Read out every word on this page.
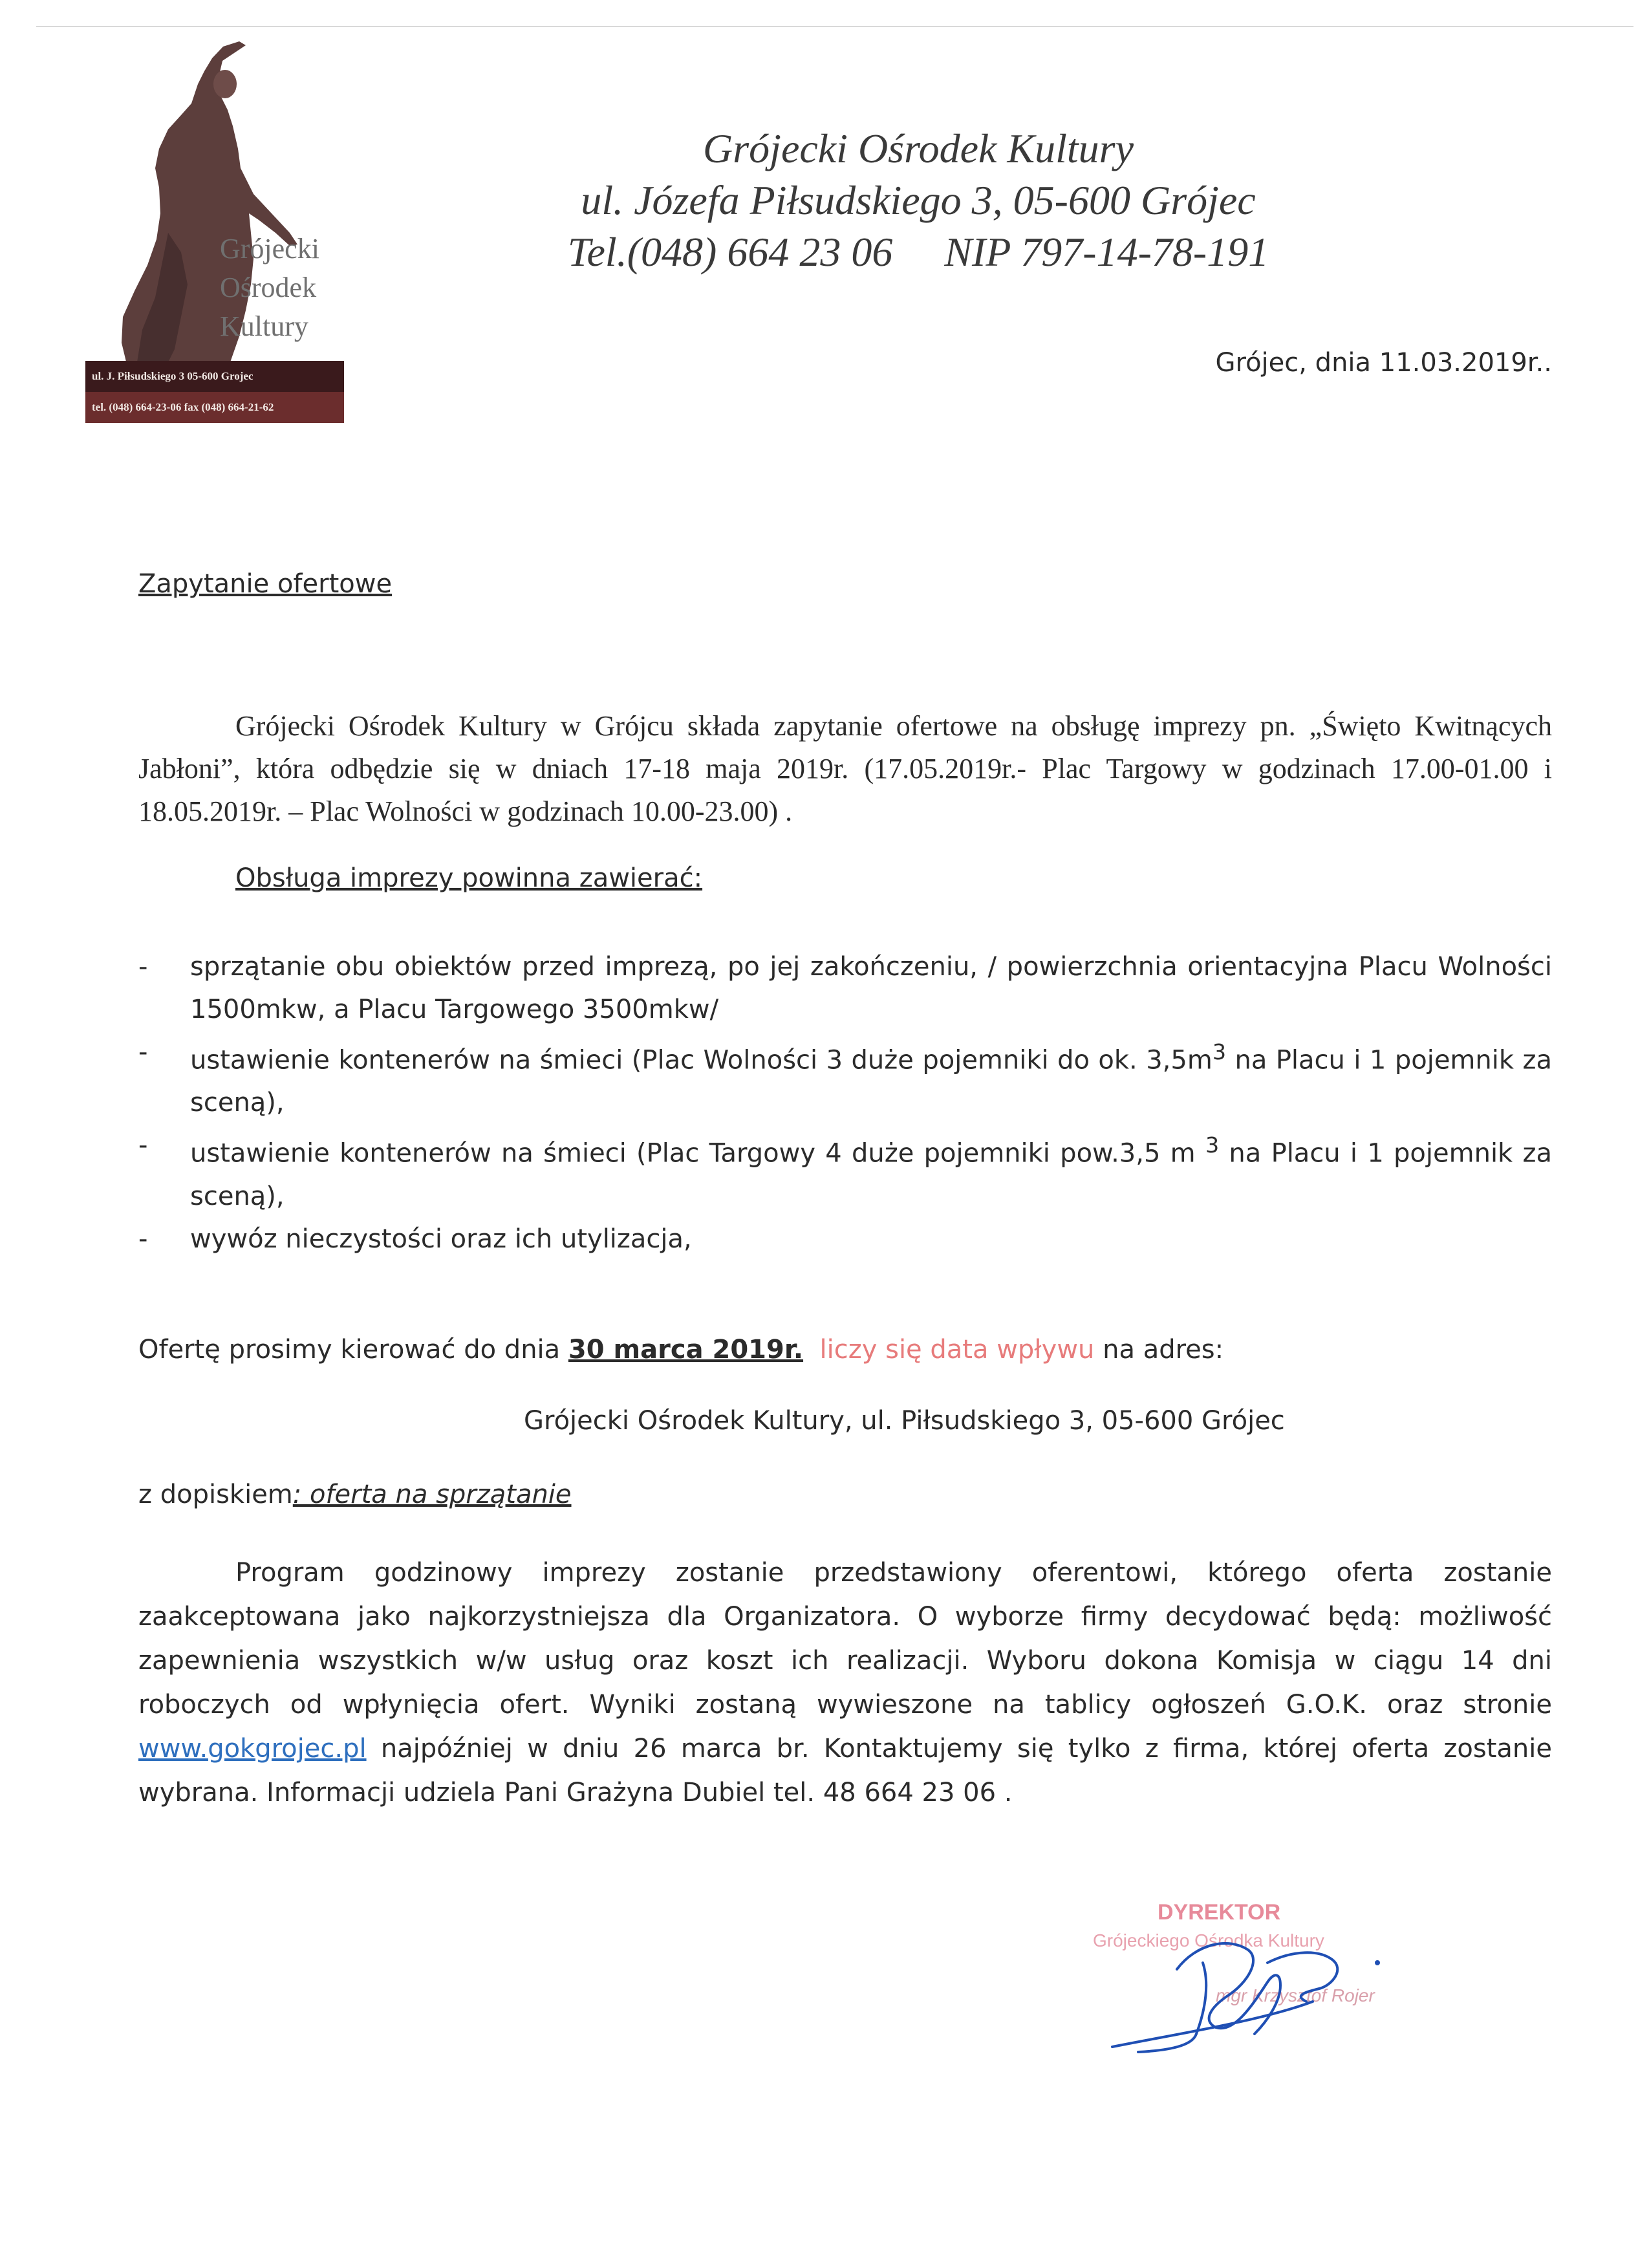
Grójecki
Ośrodek
Kultury
ul. J. Piłsudskiego 3 05-600 Grojec
tel. (048) 664-23-06 fax (048) 664-21-62
Grójecki Ośrodek Kultury
ul. Józefa Piłsudskiego 3, 05-600 Grójec
Tel.(048) 664 23 06     NIP 797-14-78-191
Grójec, dnia 11.03.2019r..
Zapytanie ofertowe
Grójecki Ośrodek Kultury w Grójcu składa zapytanie ofertowe na obsługę imprezy pn. „Święto Kwitnących Jabłoni”, która odbędzie się w dniach 17-18 maja 2019r. (17.05.2019r.- Plac Targowy w godzinach 17.00-01.00 i 18.05.2019r. – Plac Wolności w godzinach 10.00-23.00) .
Obsługa imprezy powinna zawierać:
- sprzątanie obu obiektów przed imprezą, po jej zakończeniu, / powierzchnia orientacyjna Placu Wolności 1500mkw, a Placu Targowego 3500mkw/
- ustawienie kontenerów na śmieci (Plac Wolności 3 duże pojemniki do ok. $3,5m^3$ na Placu i 1 pojemnik za sceną),
- ustawienie kontenerów na śmieci (Plac Targowy 4 duże pojemniki pow.3,5 m $^3$ na Placu i 1 pojemnik za sceną),
- wywóz nieczystości oraz ich utylizacja,
Ofertę prosimy kierować do dnia 30 marca 2019r. liczy się data wpływu na adres:
Grójecki Ośrodek Kultury, ul. Piłsudskiego 3, 05-600 Grójec
z dopiskiem: oferta na sprzątanie
Program godzinowy imprezy zostanie przedstawiony oferentowi, którego oferta zostanie zaakceptowana jako najkorzystniejsza dla Organizatora. O wyborze firmy decydować będą: możliwość zapewnienia wszystkich w/w usług oraz koszt ich realizacji. Wyboru dokona Komisja w ciągu 14 dni roboczych od wpłynięcia ofert. Wyniki zostaną wywieszone na tablicy ogłoszeń G.O.K. oraz stronie www.gokgrojec.pl najpóźniej w dniu 26 marca br. Kontaktujemy się tylko z firma, której oferta zostanie wybrana. Informacji udziela Pani Grażyna Dubiel tel. 48 664 23 06 .
DYREKTOR
Grójeckiego Ośrodka Kultury
mgr Krzysztof Rojer
